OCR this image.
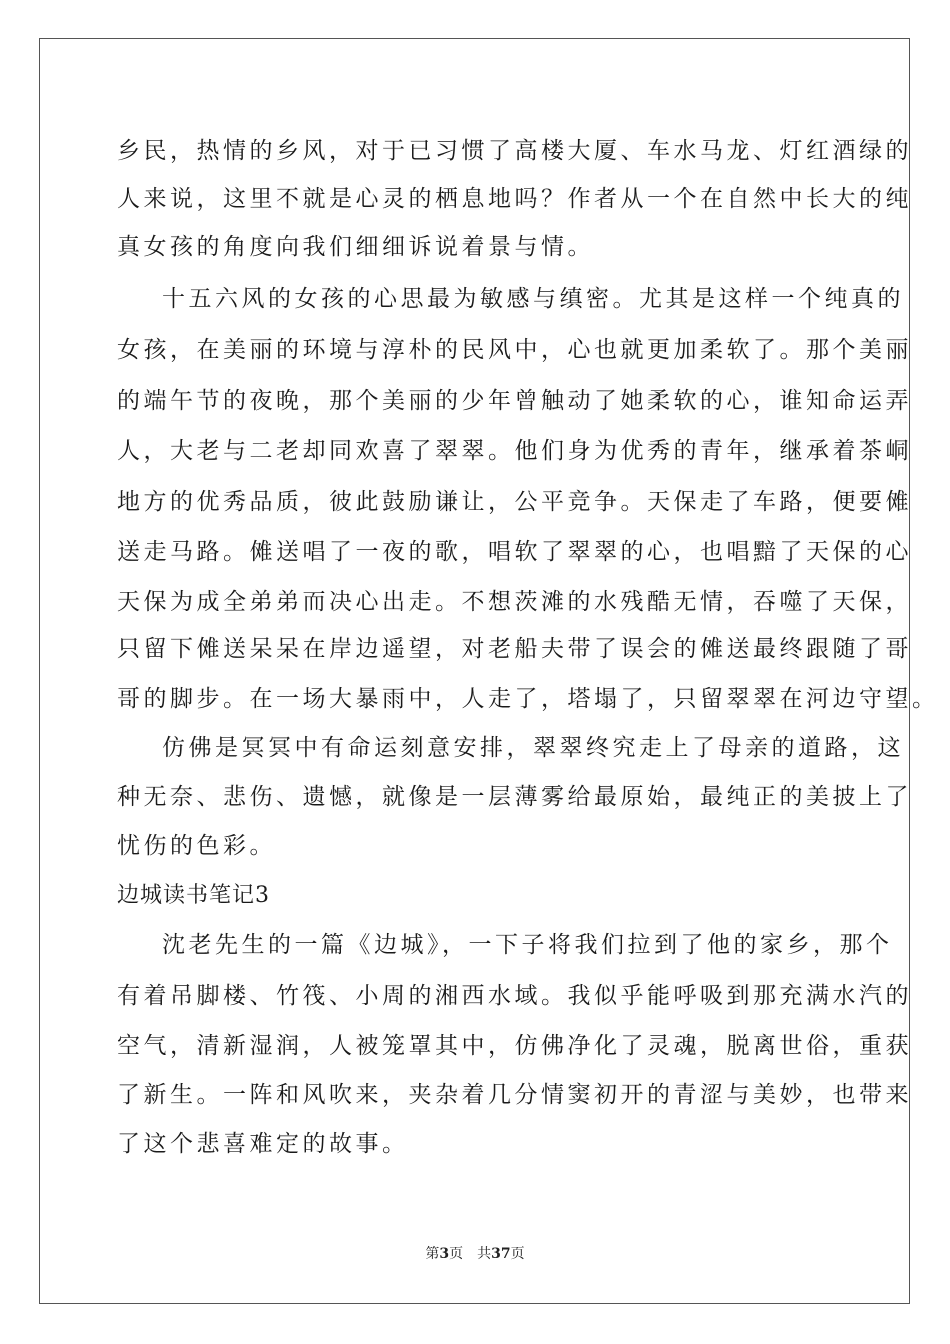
乡民，热情的乡风，对于已习惯了高楼大厦、车水马龙、灯红酒绿的
人来说，这里不就是心灵的栖息地吗？作者从一个在自然中长大的纯
真女孩的角度向我们细细诉说着景与情。
十五六风的女孩的心思最为敏感与缜密。尤其是这样一个纯真的
女孩，在美丽的环境与淳朴的民风中，心也就更加柔软了。那个美丽
的端午节的夜晚，那个美丽的少年曾触动了她柔软的心，谁知命运弄
人，大老与二老却同欢喜了翠翠。他们身为优秀的青年，继承着茶峒
地方的优秀品质，彼此鼓励谦让，公平竞争。天保走了车路，便要傩
送走马路。傩送唱了一夜的歌，唱软了翠翠的心，也唱黯了天保的心
天保为成全弟弟而决心出走。不想茨滩的水残酷无情，吞噬了天保，
只留下傩送呆呆在岸边遥望，对老船夫带了误会的傩送最终跟随了哥
哥的脚步。在一场大暴雨中，人走了，塔塌了，只留翠翠在河边守望。
仿佛是冥冥中有命运刻意安排，翠翠终究走上了母亲的道路，这
种无奈、悲伤、遗憾，就像是一层薄雾给最原始，最纯正的美披上了
忧伤的色彩。
边城读书笔记3
沈老先生的一篇《边城》，一下子将我们拉到了他的家乡，那个
有着吊脚楼、竹筏、小周的湘西水域。我似乎能呼吸到那充满水汽的
空气，清新湿润，人被笼罩其中，仿佛净化了灵魂，脱离世俗，重获
了新生。一阵和风吹来，夹杂着几分情窦初开的青涩与美妙，也带来
了这个悲喜难定的故事。
第3页　共37页
